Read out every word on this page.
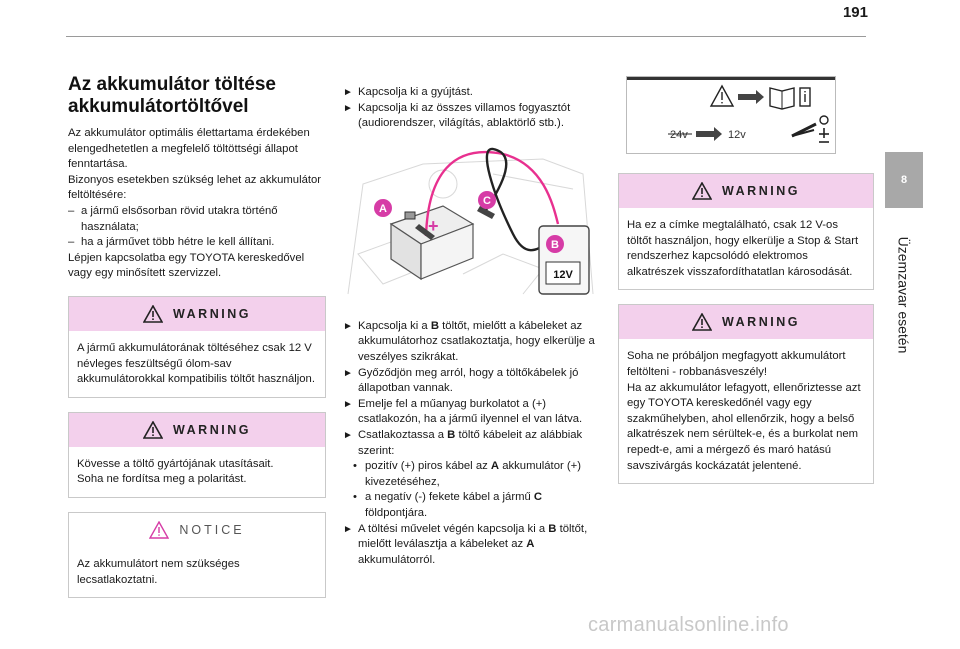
191
8
Üzemzavar esetén
Az akkumulátor töltése akkumulátortöltővel

Az akkumulátor optimális élettartama érdekében elengedhetetlen a megfelelő töltöttségi állapot fenntartása.

Bizonyos esetekben szükség lehet az akkumulátor feltöltésére:

– a jármű elsősorban rövid utakra történő használata;
– ha a járművet több hétre le kell állítani.

Lépjen kapcsolatba egy TOYOTA kereskedővel vagy egy minősített szervizzel.

WARNING

A jármű akkumulátorának töltéséhez csak 12 V névleges feszültségű ólom-sav akkumulátorokkal kompatibilis töltőt használjon.

WARNING

Kövesse a töltő gyártójának utasításait.

Soha ne fordítsa meg a polaritást.

NOTICE

Az akkumulátort nem szükséges lecsatlakoztatni.

► Kapcsolja ki a gyújtást.
► Kapcsolja ki az összes villamos fogyasztót (audiorendszer, világítás, ablaktörlő stb.).
+
12V
A
C
B
► Kapcsolja ki a B töltőt, mielőtt a kábeleket az akkumulátorhoz csatlakoztatja, hogy elkerülje a veszélyes szikrákat.
► Győződjön meg arról, hogy a töltőkábelek jó állapotban vannak.
► Emelje fel a műanyag burkolatot a (+) csatlakozón, ha a jármű ilyennel el van látva.
► Csatlakoztassa a B töltő kábeleit az alábbiak szerint:
• pozitív (+) piros kábel az A akkumulátor (+) kivezetéséhez,
• a negatív (-) fekete kábel a jármű C földpontjára.
► A töltési művelet végén kapcsolja ki a B töltőt, mielőtt leválasztja a kábeleket az A akkumulátorról.
24v	12v
WARNING

Ha ez a címke megtalálható, csak 12 V-os töltőt használjon, hogy elkerülje a Stop & Start rendszerhez kapcsolódó elektromos alkatrészek visszafordíthatatlan károsodását.

WARNING

Soha ne próbáljon megfagyott akkumulátort feltölteni - robbanásveszély!

Ha az akkumulátor lefagyott, ellenőriztesse azt egy TOYOTA kereskedőnél vagy egy szakműhelyben, ahol ellenőrzik, hogy a belső alkatrészek nem sérültek-e, és a burkolat nem repedt-e, ami a mérgező és maró hatású savszivárgás kockázatát jelentené.

carmanualsonline.info
